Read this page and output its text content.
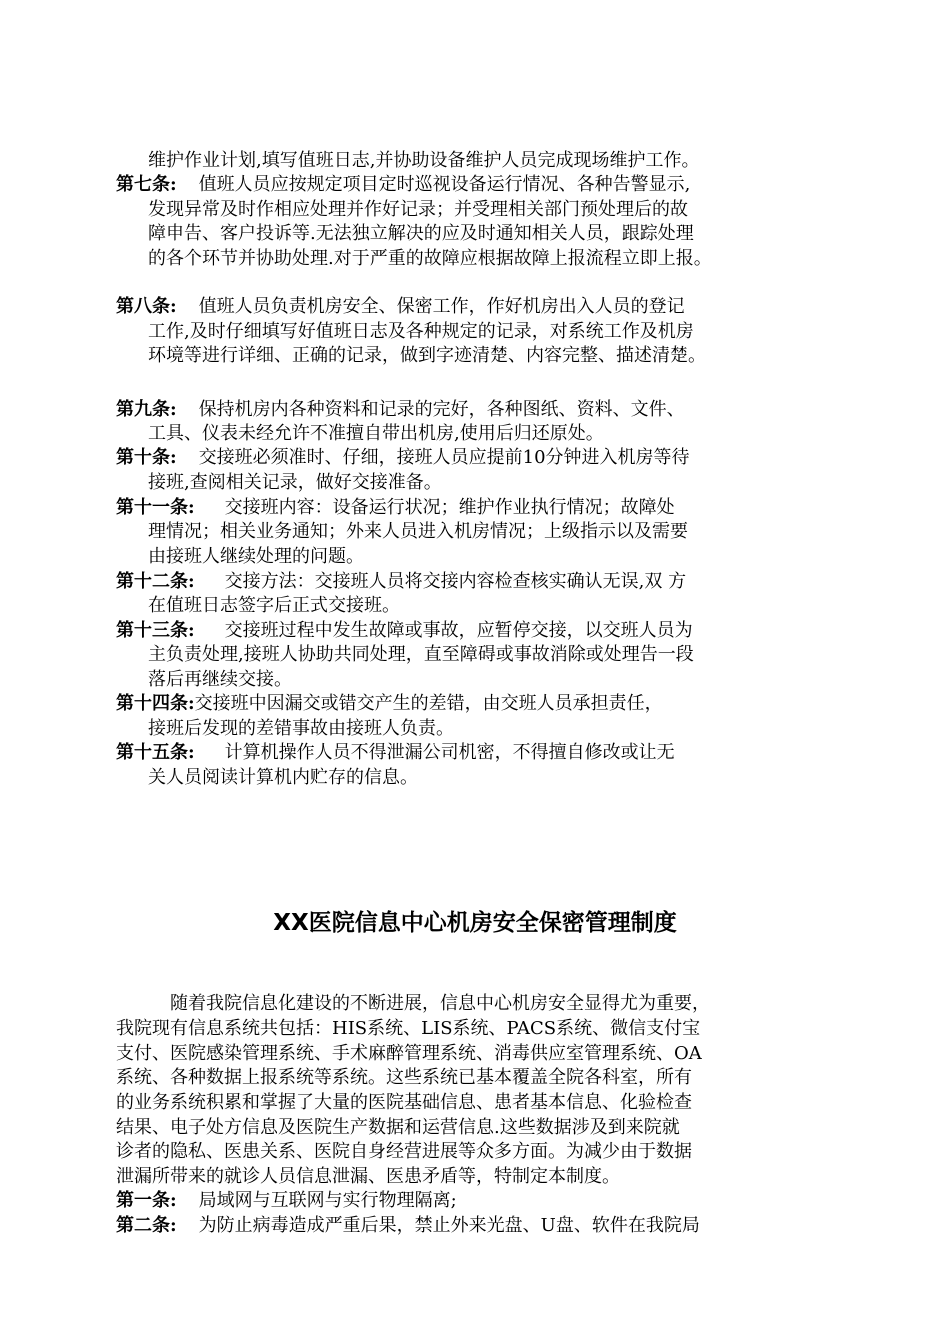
维护作业计划,填写值班日志,并协助设备维护人员完成现场维护工作。
第七条: 值班人员应按规定项目定时巡视设备运行情况、各种告警显示,
发现异常及时作相应处理并作好记录；并受理相关部门预处理后的故
障申告、客户投诉等.无法独立解决的应及时通知相关人员，跟踪处理
的各个环节并协助处理.对于严重的故障应根据故障上报流程立即上报。
第八条: 值班人员负责机房安全、保密工作，作好机房出入人员的登记
工作,及时仔细填写好值班日志及各种规定的记录，对系统工作及机房
环境等进行详细、正确的记录，做到字迹清楚、内容完整、描述清楚。
第九条: 保持机房内各种资料和记录的完好，各种图纸、资料、文件、
工具、仪表未经允许不准擅自带出机房,使用后归还原处。
第十条: 交接班必须准时、仔细，接班人员应提前10分钟进入机房等待
接班,查阅相关记录，做好交接准备。
第十一条: 交接班内容：设备运行状况；维护作业执行情况；故障处
理情况；相关业务通知；外来人员进入机房情况；上级指示以及需要
由接班人继续处理的问题。
第十二条: 交接方法：交接班人员将交接内容检查核实确认无误,双 方
在值班日志签字后正式交接班。
第十三条: 交接班过程中发生故障或事故，应暂停交接，以交班人员为
主负责处理,接班人协助共同处理，直至障碍或事故消除或处理告一段
落后再继续交接。
第十四条:交接班中因漏交或错交产生的差错，由交班人员承担责任，
接班后发现的差错事故由接班人负责。
第十五条: 计算机操作人员不得泄漏公司机密，不得擅自修改或让无
关人员阅读计算机内贮存的信息。
XX医院信息中心机房安全保密管理制度
随着我院信息化建设的不断进展，信息中心机房安全显得尤为重要，
我院现有信息系统共包括：HIS系统、LIS系统、PACS系统、微信支付宝
支付、医院感染管理系统、手术麻醉管理系统、消毒供应室管理系统、OA
系统、各种数据上报系统等系统。这些系统已基本覆盖全院各科室，所有
的业务系统积累和掌握了大量的医院基础信息、患者基本信息、化验检查
结果、电子处方信息及医院生产数据和运营信息.这些数据涉及到来院就
诊者的隐私、医患关系、医院自身经营进展等众多方面。为减少由于数据
泄漏所带来的就诊人员信息泄漏、医患矛盾等，特制定本制度。
第一条: 局域网与互联网与实行物理隔离;
第二条: 为防止病毒造成严重后果，禁止外来光盘、U盘、软件在我院局
